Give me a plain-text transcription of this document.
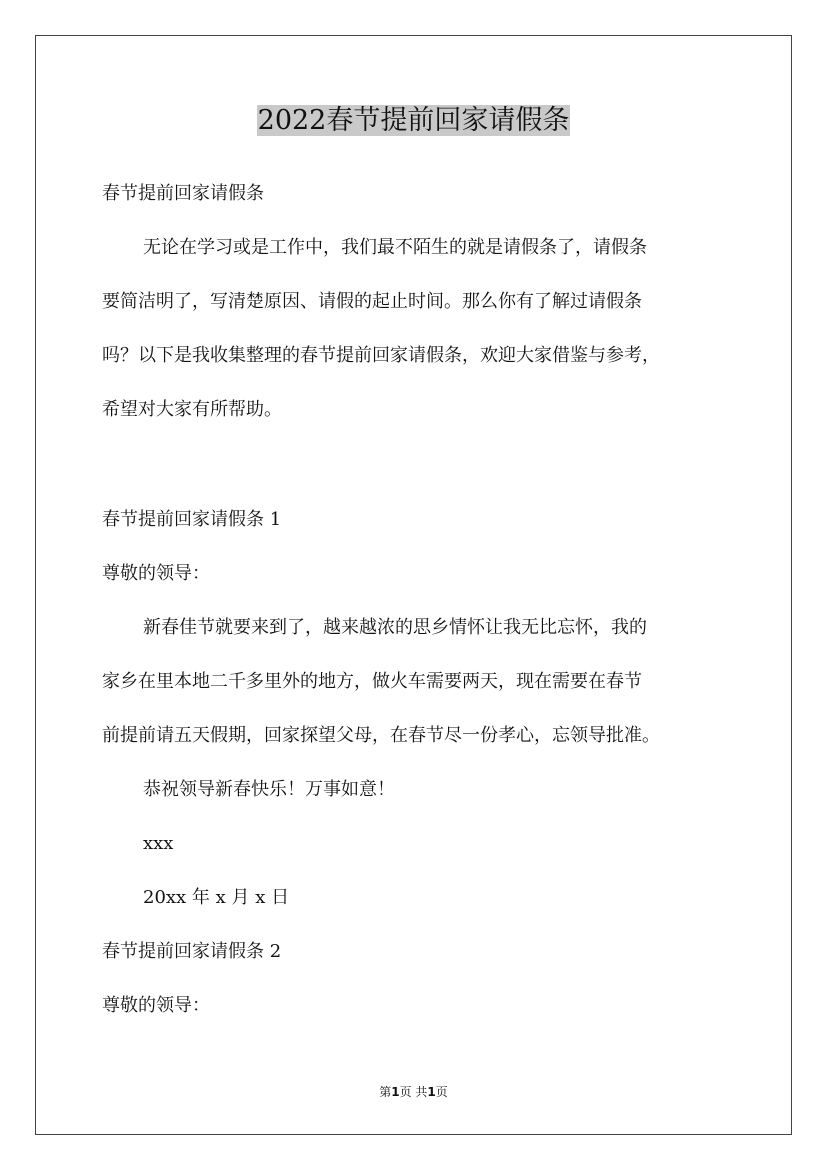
2022春节提前回家请假条
春节提前回家请假条
无论在学习或是工作中，我们最不陌生的就是请假条了，请假条
要简洁明了，写清楚原因、请假的起止时间。那么你有了解过请假条
吗？以下是我收集整理的春节提前回家请假条，欢迎大家借鉴与参考，
希望对大家有所帮助。
春节提前回家请假条 1
尊敬的领导：
新春佳节就要来到了，越来越浓的思乡情怀让我无比忘怀，我的
家乡在里本地二千多里外的地方，做火车需要两天，现在需要在春节
前提前请五天假期，回家探望父母，在春节尽一份孝心，忘领导批准。
恭祝领导新春快乐！万事如意！
xxx
20xx 年 x 月 x 日
春节提前回家请假条 2
尊敬的领导：
第1页 共1页
